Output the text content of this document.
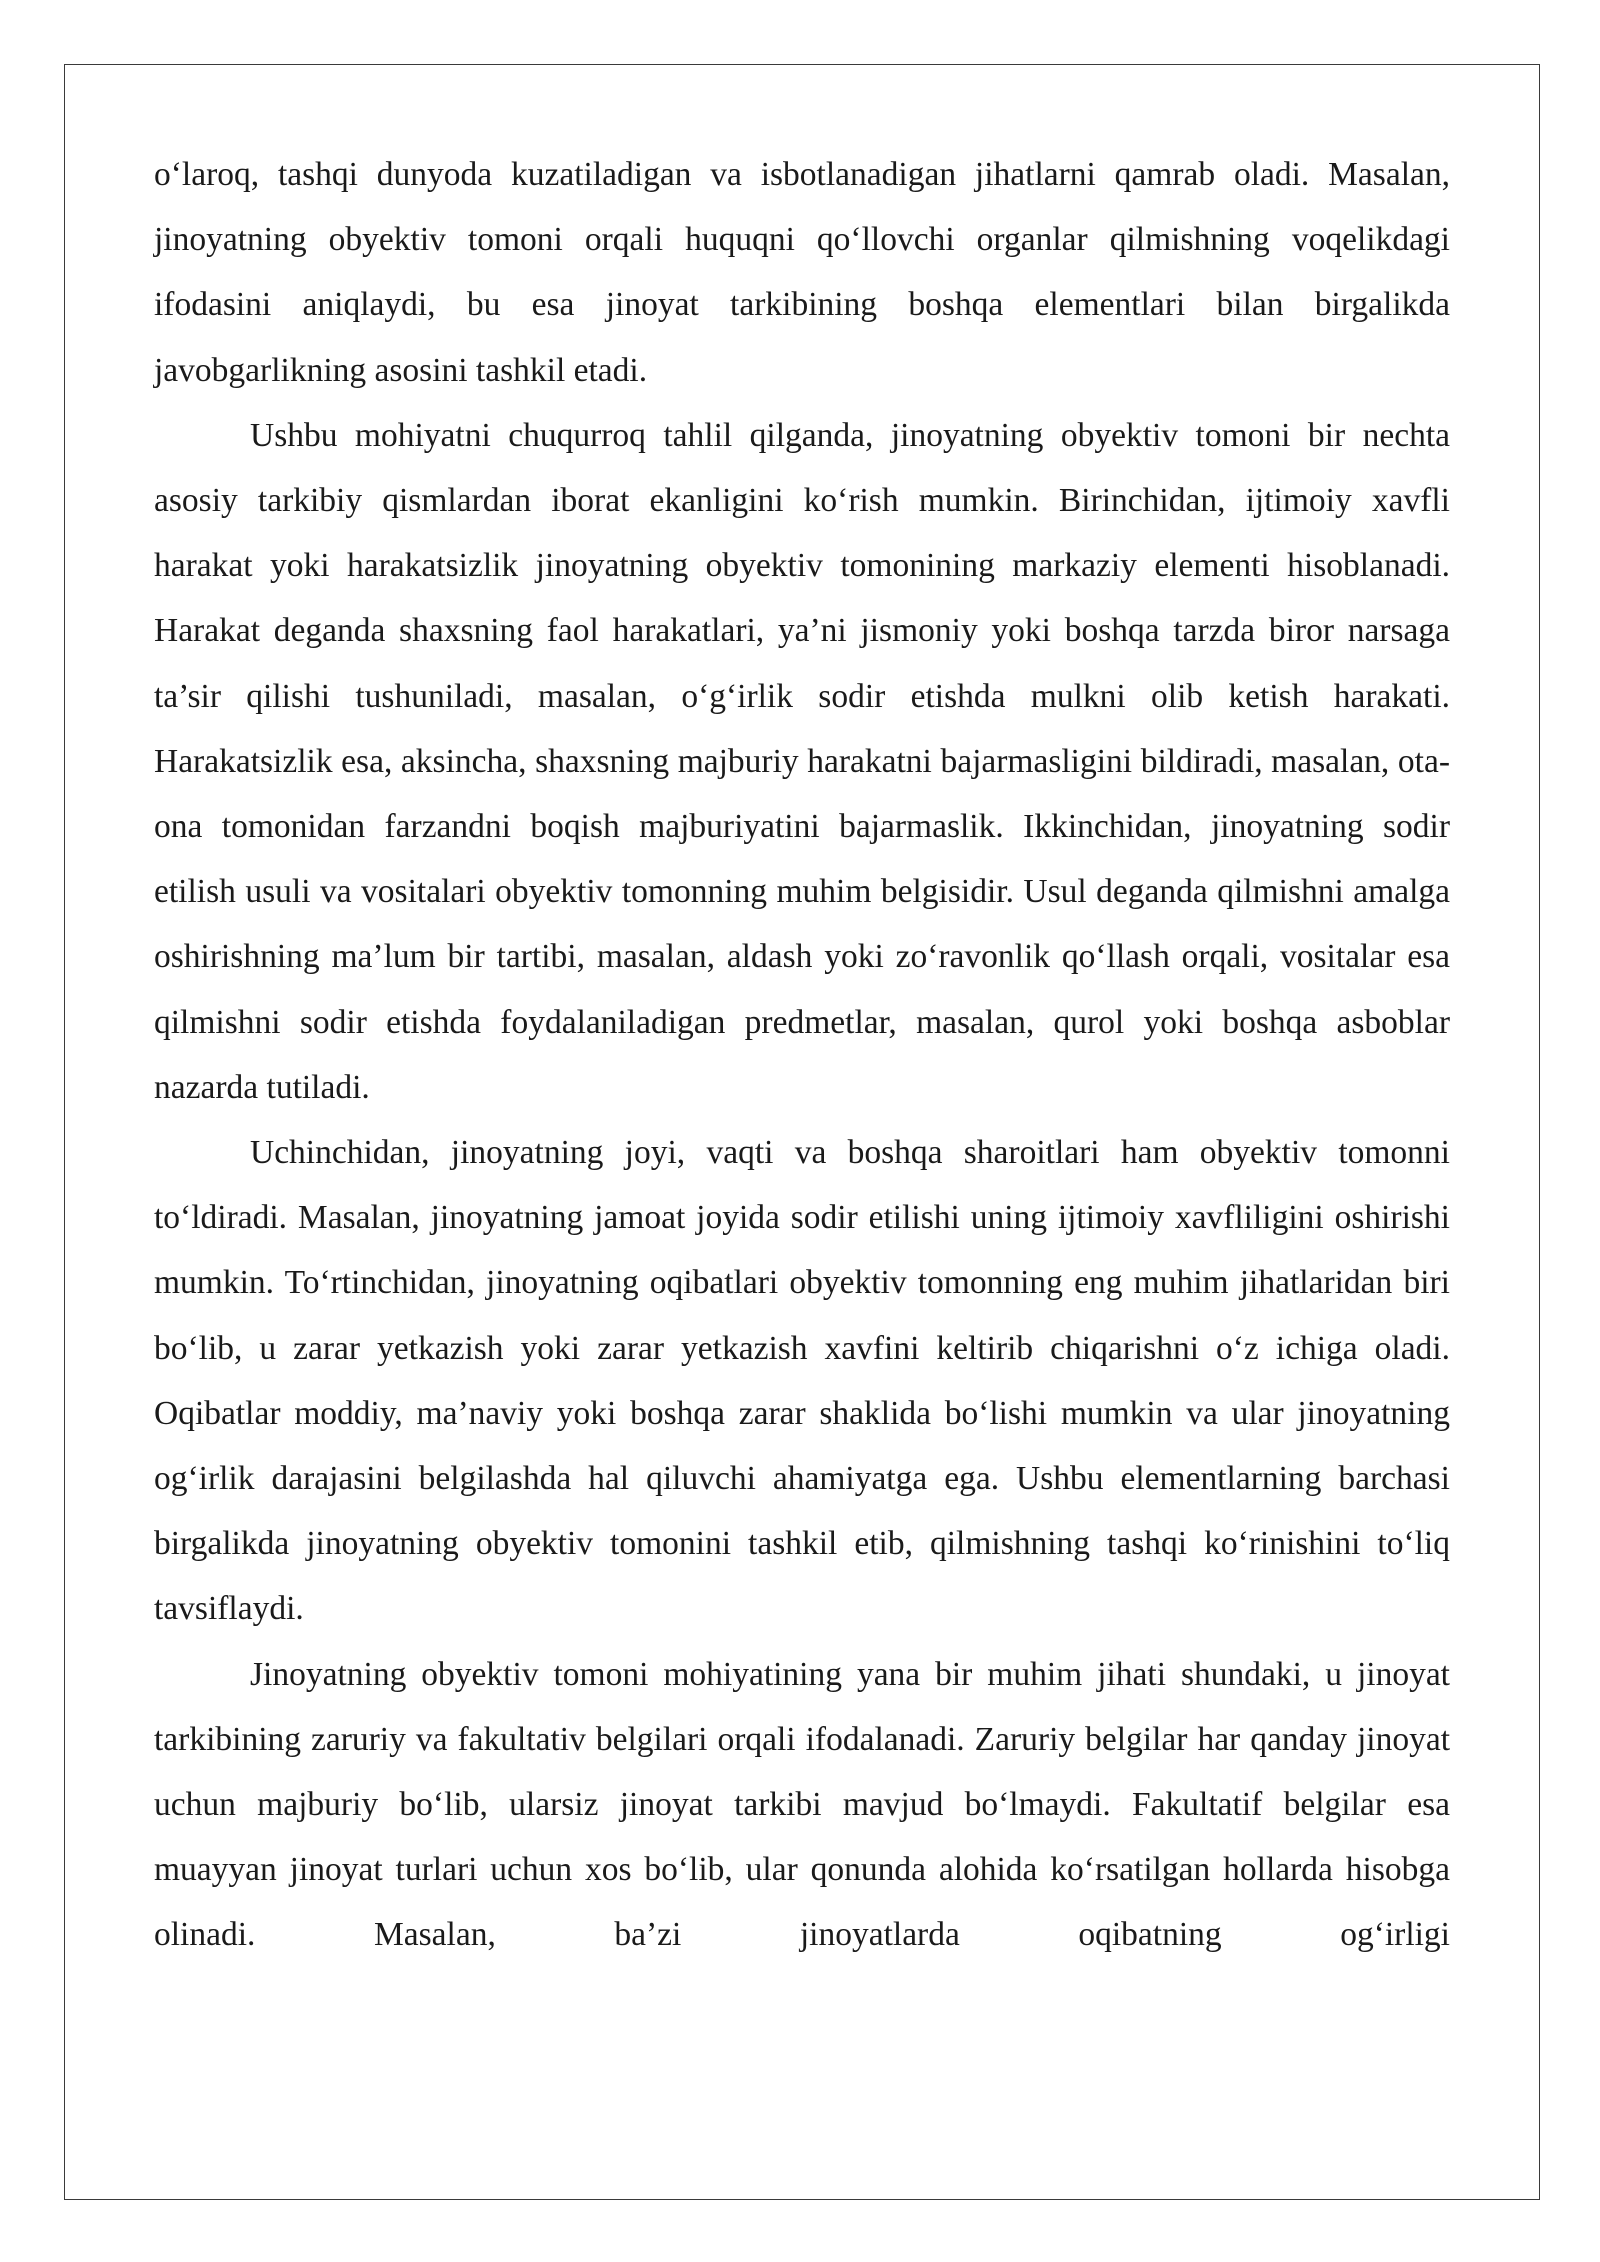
o‘laroq, tashqi dunyoda kuzatiladigan va isbotlanadigan jihatlarni qamrab oladi. Masalan, jinoyatning obyektiv tomoni orqali huquqni qo‘llovchi organlar qilmishning voqelikdagi ifodasini aniqlaydi, bu esa jinoyat tarkibining boshqa elementlari bilan birgalikda javobgarlikning asosini tashkil etadi.

Ushbu mohiyatni chuqurroq tahlil qilganda, jinoyatning obyektiv tomoni bir nechta asosiy tarkibiy qismlardan iborat ekanligini ko‘rish mumkin. Birinchidan, ijtimoiy xavfli harakat yoki harakatsizlik jinoyatning obyektiv tomonining markaziy elementi hisoblanadi. Harakat deganda shaxsning faol harakatlari, ya’ni jismoniy yoki boshqa tarzda biror narsaga ta’sir qilishi tushuniladi, masalan, o‘g‘irlik sodir etishda mulkni olib ketish harakati. Harakatsizlik esa, aksincha, shaxsning majburiy harakatni bajarmasligini bildiradi, masalan, ota-ona tomonidan farzandni boqish majburiyatini bajarmaslik. Ikkinchidan, jinoyatning sodir etilish usuli va vositalari obyektiv tomonning muhim belgisidir. Usul deganda qilmishni amalga oshirishning ma’lum bir tartibi, masalan, aldash yoki zo‘ravonlik qo‘llash orqali, vositalar esa qilmishni sodir etishda foydalaniladigan predmetlar, masalan, qurol yoki boshqa asboblar nazarda tutiladi.

Uchinchidan, jinoyatning joyi, vaqti va boshqa sharoitlari ham obyektiv tomonni to‘ldiradi. Masalan, jinoyatning jamoat joyida sodir etilishi uning ijtimoiy xavfliligini oshirishi mumkin. To‘rtinchidan, jinoyatning oqibatlari obyektiv tomonning eng muhim jihatlaridan biri bo‘lib, u zarar yetkazish yoki zarar yetkazish xavfini keltirib chiqarishni o‘z ichiga oladi. Oqibatlar moddiy, ma’naviy yoki boshqa zarar shaklida bo‘lishi mumkin va ular jinoyatning og‘irlik darajasini belgilashda hal qiluvchi ahamiyatga ega. Ushbu elementlarning barchasi birgalikda jinoyatning obyektiv tomonini tashkil etib, qilmishning tashqi ko‘rinishini to‘liq tavsiflaydi.

Jinoyatning obyektiv tomoni mohiyatining yana bir muhim jihati shundaki, u jinoyat tarkibining zaruriy va fakultativ belgilari orqali ifodalanadi. Zaruriy belgilar har qanday jinoyat uchun majburiy bo‘lib, ularsiz jinoyat tarkibi mavjud bo‘lmaydi. Fakultatif belgilar esa muayyan jinoyat turlari uchun xos bo‘lib, ular qonunda alohida ko‘rsatilgan hollarda hisobga olinadi. Masalan, ba’zi jinoyatlarda oqibatning og‘irligi
